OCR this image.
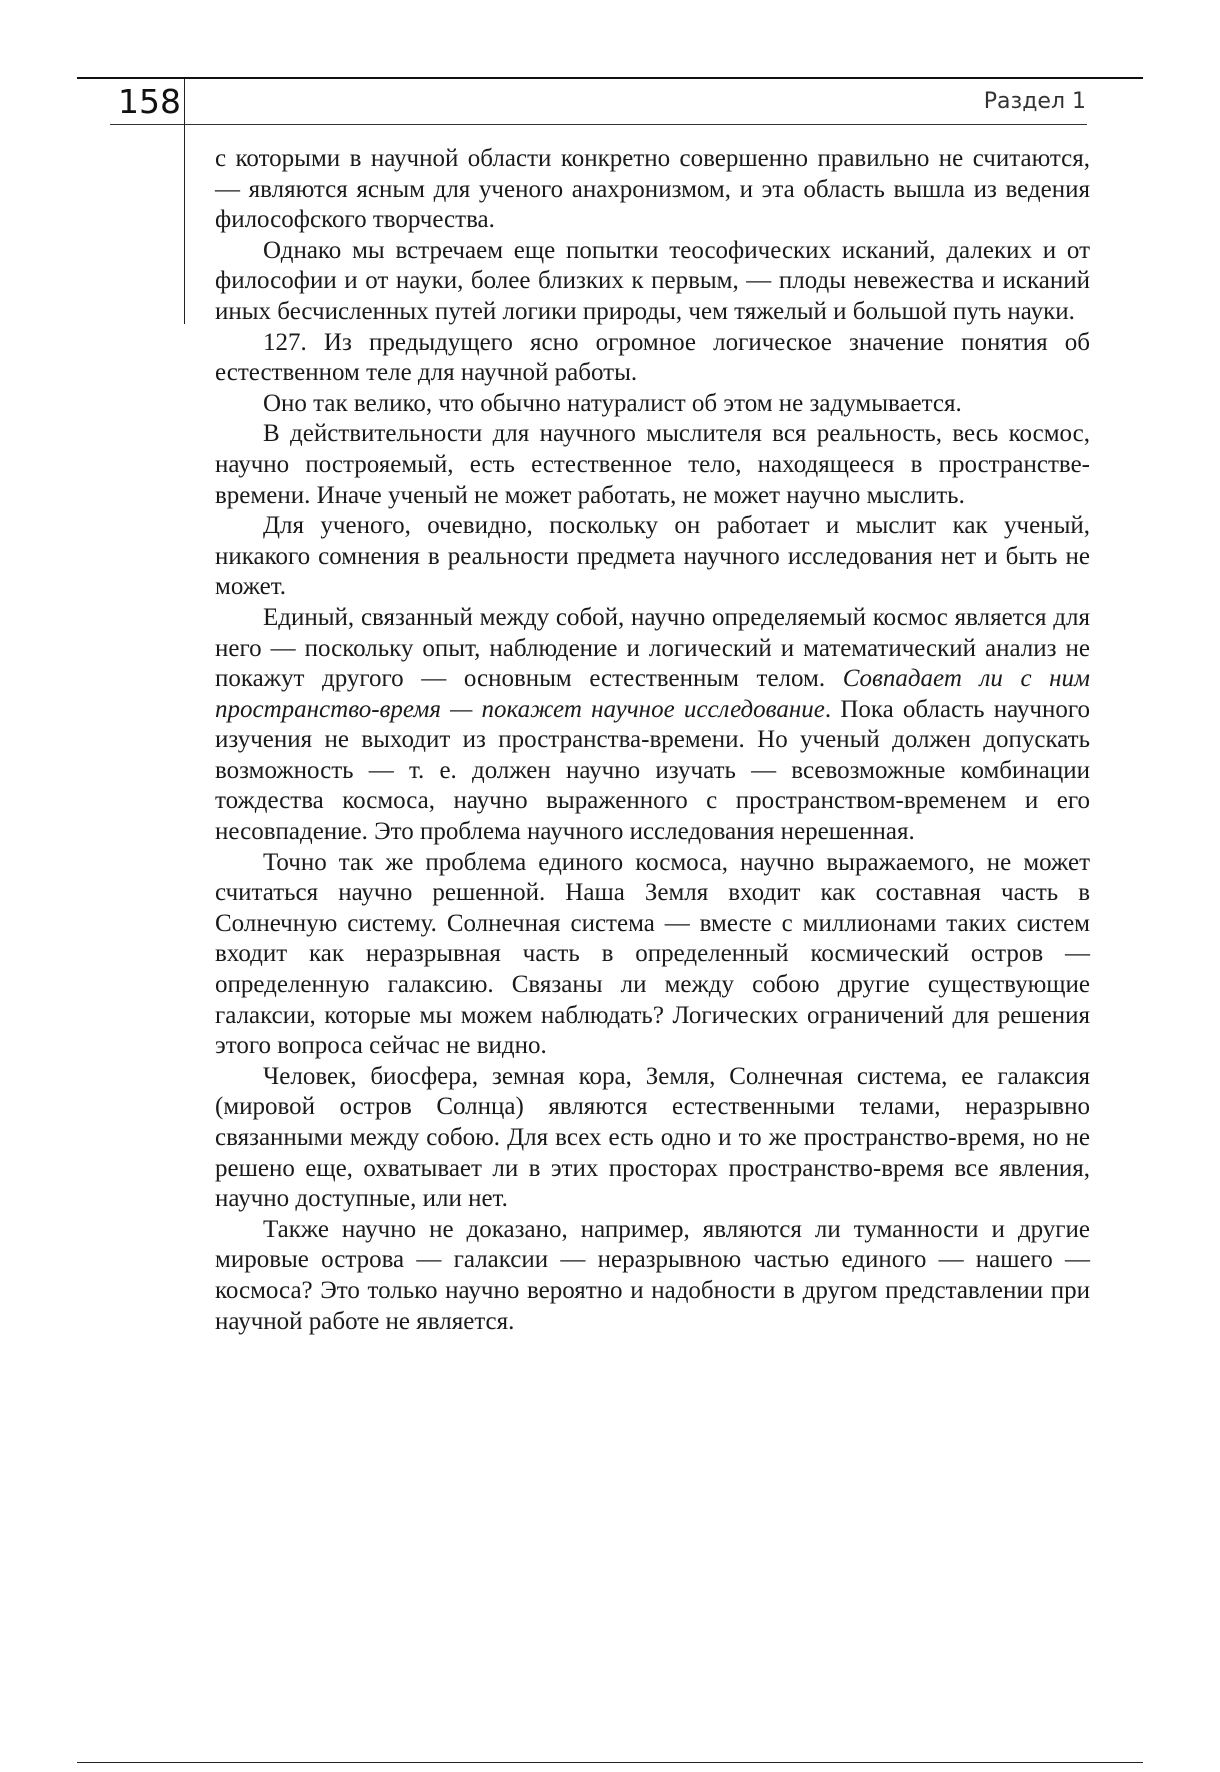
158	Раздел 1

с которыми в научной области конкретно совершенно правильно не считаются, — являются ясным для ученого анахронизмом, и эта область вышла из ведения философского творчества.

Однако мы встречаем еще попытки теософических исканий, далеких и от философии и от науки, более близких к первым, — плоды невежества и исканий иных бесчисленных путей логики природы, чем тяжелый и большой путь науки.

127. Из предыдущего ясно огромное логическое значение понятия об естественном теле для научной работы.

Оно так велико, что обычно натуралист об этом не задумывается.

В действительности для научного мыслителя вся реальность, весь космос, научно построяемый, есть естественное тело, находящееся в пространстве-времени. Иначе ученый не может работать, не может научно мыслить.

Для ученого, очевидно, поскольку он работает и мыслит как ученый, никакого сомнения в реальности предмета научного исследования нет и быть не может.

Единый, связанный между собой, научно определяемый космос является для него — поскольку опыт, наблюдение и логический и математический анализ не покажут другого — основным естественным телом. Совпадает ли с ним пространство-время — покажет научное исследование. Пока область научного изучения не выходит из пространства-времени. Но ученый должен допускать возможность — т. е. должен научно изучать — всевозможные комбинации тождества космоса, научно выраженного с пространством-временем и его несовпадение. Это проблема научного исследования нерешенная.

Точно так же проблема единого космоса, научно выражаемого, не может считаться научно решенной. Наша Земля входит как составная часть в Солнечную систему. Солнечная система — вместе с миллионами таких систем входит как неразрывная часть в определенный космический остров — определенную галаксию. Связаны ли между собою другие существующие галаксии, которые мы можем наблюдать? Логических ограничений для решения этого вопроса сейчас не видно.

Человек, биосфера, земная кора, Земля, Солнечная система, ее галаксия (мировой остров Солнца) являются естественными телами, неразрывно связанными между собою. Для всех есть одно и то же пространство-время, но не решено еще, охватывает ли в этих просторах пространство-время все явления, научно доступные, или нет.

Также научно не доказано, например, являются ли туманности и другие мировые острова — галаксии — неразрывною частью единого — нашего — космоса? Это только научно вероятно и надобности в другом представлении при научной работе не является.
